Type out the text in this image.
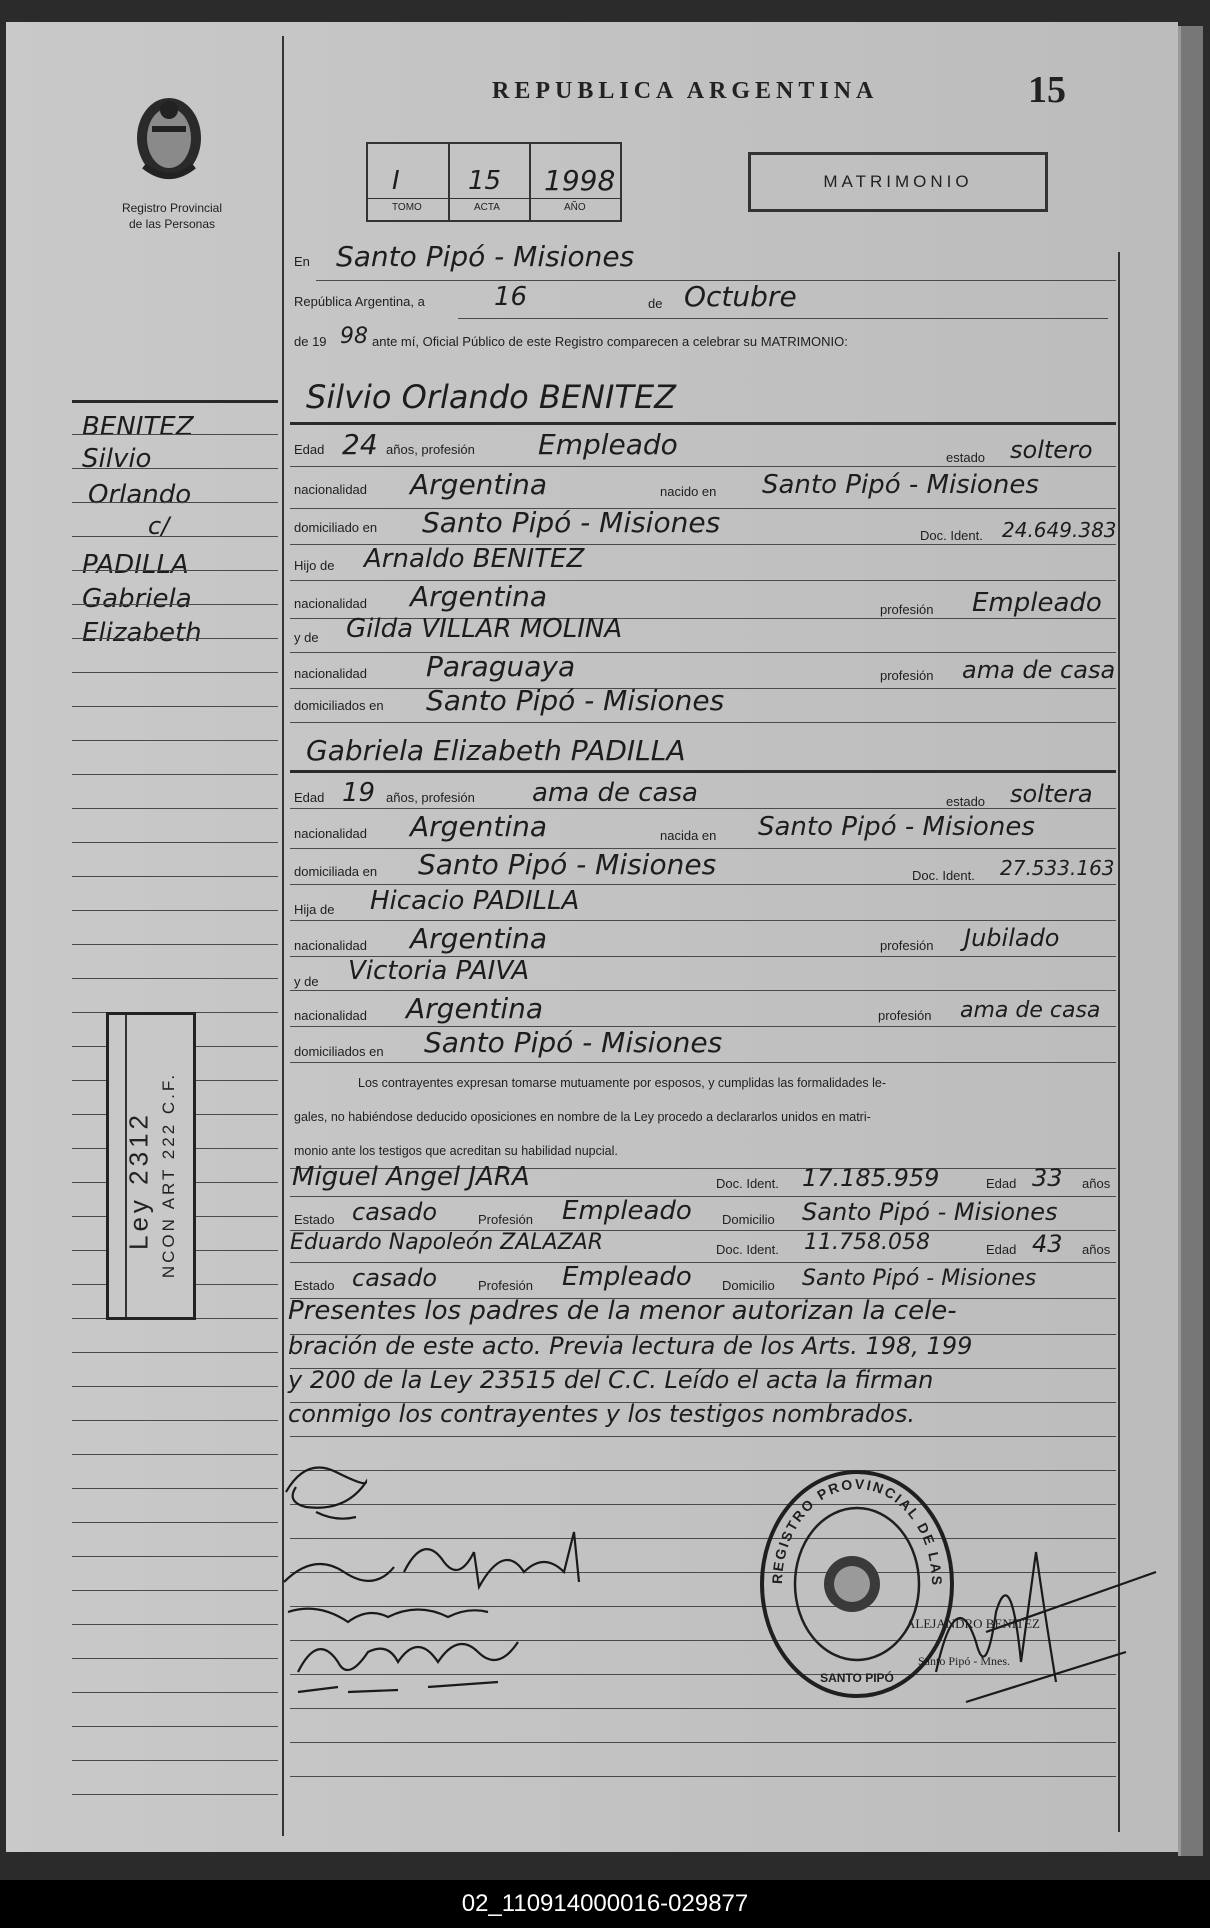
Registro Provincial
de las Personas
REPUBLICA ARGENTINA	15
I	15 1998
TOMO	ACTA	AÑO
MATRIMONIO
BENITEZ
Silvio
Orlando
c/
PADILLA
Gabriela
Elizabeth
Ley 2312 NCON ART 222 C.F.
En Santo Pipó - Misiones
República Argentina, a	16	de Octubre
de 19 98 ante mí, Oficial Público de este Registro comparecen a celebrar su MATRIMONIO:
Silvio Orlando BENITEZ
Edad 24 años, profesión Empleado	estado soltero
nacionalidad Argentina	nacido en Santo Pipó - Misiones
domiciliado en Santo Pipó - Misiones	Doc. Ident. 24.649.383
Hijo de Arnaldo BENITEZ
nacionalidad Argentina	profesión Empleado
y de Gilda VILLAR MOLINA
nacionalidad Paraguaya	profesión ama de casa
domiciliados en Santo Pipó - Misiones
Gabriela Elizabeth PADILLA
Edad 19 años, profesión ama de casa	estado soltera
nacionalidad Argentina	nacida en Santo Pipó - Misiones
domiciliada en Santo Pipó - Misiones	Doc. Ident. 27.533.163
Hija de Hicacio PADILLA
nacionalidad Argentina	profesión Jubilado
y de Victoria PAIVA
nacionalidad Argentina	profesión ama de casa
domiciliados en Santo Pipó - Misiones
Los contrayentes expresan tomarse mutuamente por esposos, y cumplidas las formalidades le-
gales, no habiéndose deducido oposiciones en nombre de la Ley procedo a declararlos unidos en matri-
monio ante los testigos que acreditan su habilidad nupcial.
Miguel Angel JARA	Doc. Ident. 17.185.959	Edad 33 años
Estado casado	Profesión Empleado Domicilio Santo Pipó - Misiones
Eduardo Napoleón ZALAZAR	Doc. Ident. 11.758.058	Edad 43 años
Estado casado	Profesión Empleado Domicilio Santo Pipó - Misiones
Presentes los padres de la menor autorizan la cele-
bración de este acto. Previa lectura de los Arts. 198, 199
y 200 de la Ley 23515 del C.C. Leído el acta la firman
conmigo los contrayentes y los testigos nombrados.
REGISTRO PROVINCIAL DE LAS
SANTO PIPÓ
ALEJANDRO BENITEZ
Santo Pipó - Mnes.
02_110914000016-029877
